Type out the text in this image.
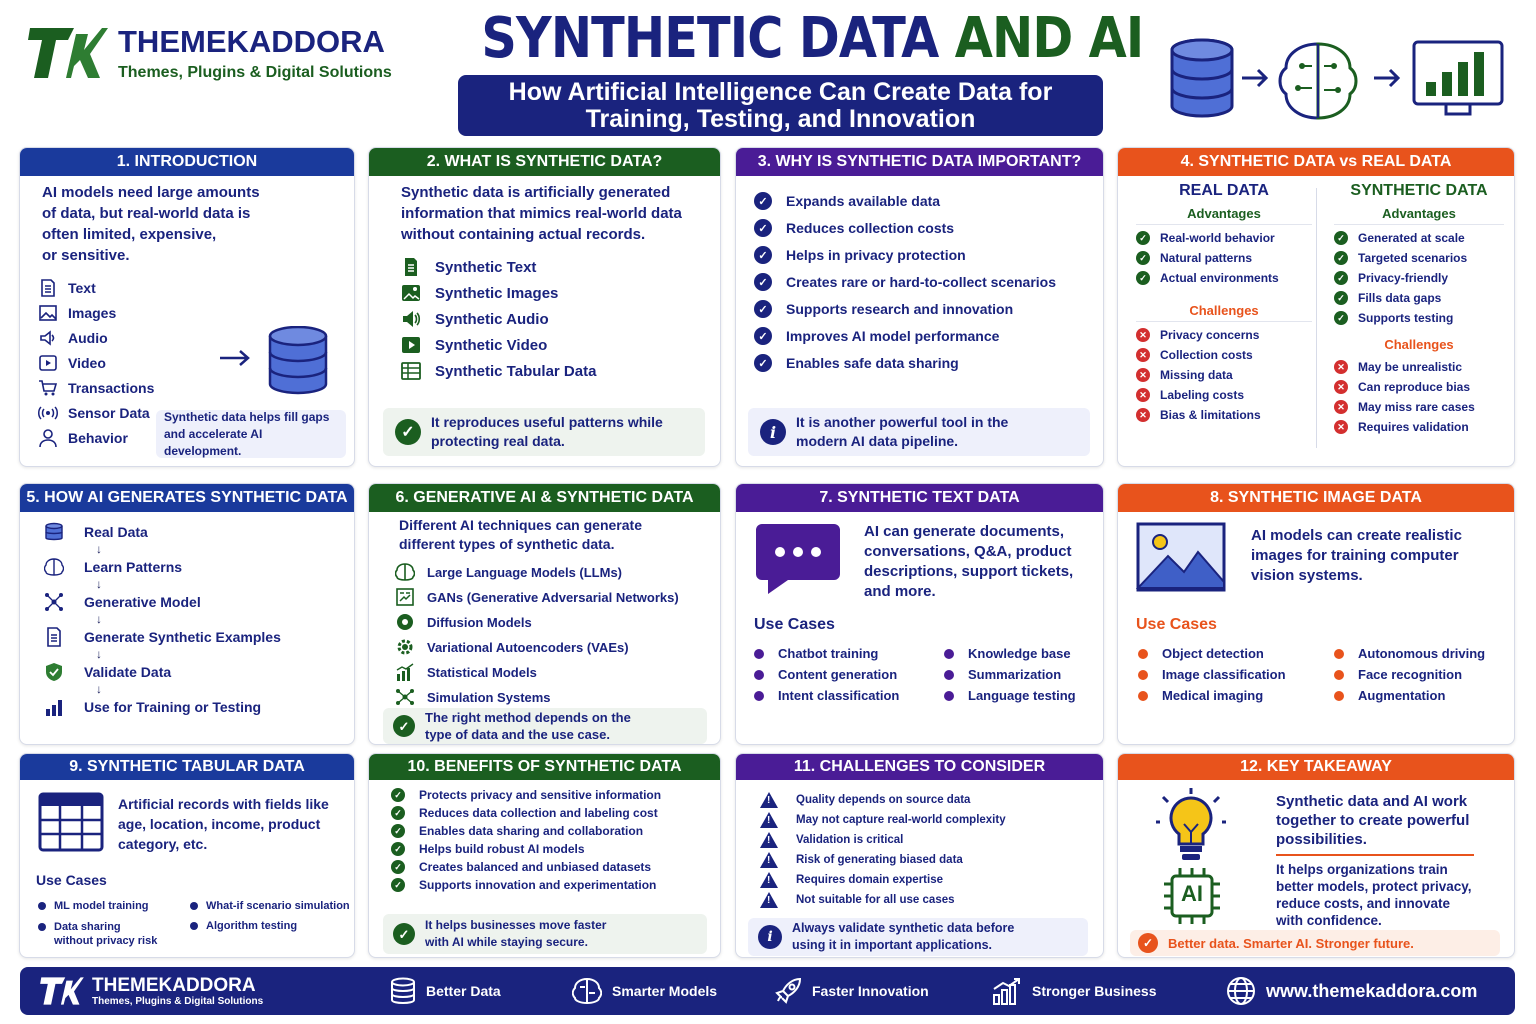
THEMEKADDORA
Themes, Plugins & Digital Solutions
SYNTHETIC DATA AND AI
How Artificial Intelligence Can Create Data for
Training, Testing, and Innovation
1. INTRODUCTION
AI models need large amounts
of data, but real-world data is
often limited, expensive,
or sensitive.
Text
Images
Audio
Video
Transactions
Sensor Data
Behavior
Synthetic data helps fill gaps
and accelerate AI development.
2. WHAT IS SYNTHETIC DATA?
Synthetic data is artificially generated
information that mimics real-world data
without containing actual records.
Synthetic Text
Synthetic Images
Synthetic Audio
Synthetic Video
Synthetic Tabular Data
✓
It reproduces useful patterns while
protecting real data.
3. WHY IS SYNTHETIC DATA IMPORTANT?
✓	Expands available data
✓	Reduces collection costs
✓	Helps in privacy protection
✓	Creates rare or hard-to-collect scenarios
✓	Supports research and innovation
✓	Improves AI model performance
✓	Enables safe data sharing
i
It is another powerful tool in the
modern AI data pipeline.
4. SYNTHETIC DATA vs REAL DATA
REAL DATA
Advantages
✓ Real-world behavior
✓ Natural patterns
✓ Actual environments
Challenges
✕ Privacy concerns
✕ Collection costs
✕ Missing data
✕ Labeling costs
✕ Bias & limitations
SYNTHETIC DATA
Advantages
✓ Generated at scale
✓ Targeted scenarios
✓ Privacy-friendly
✓ Fills data gaps
✓ Supports testing
Challenges
✕ May be unrealistic
✕ Can reproduce bias
✕ May miss rare cases
✕ Requires validation
5. HOW AI GENERATES SYNTHETIC DATA
Real Data
↓
Learn Patterns
↓
Generative Model
↓
Generate Synthetic Examples
↓
Validate Data
↓
Use for Training or Testing
6. GENERATIVE AI & SYNTHETIC DATA
Different AI techniques can generate
different types of synthetic data.
Large Language Models (LLMs)
GANs (Generative Adversarial Networks)
Diffusion Models
Variational Autoencoders (VAEs)
Statistical Models
Simulation Systems
✓
The right method depends on the
type of data and the use case.
7. SYNTHETIC TEXT DATA
AI can generate documents,
conversations, Q&A, product
descriptions, support tickets,
and more.
Use Cases
Chatbot training
Content generation
Intent classification
Knowledge base
Summarization
Language testing
8. SYNTHETIC IMAGE DATA
AI models can create realistic
images for training computer
vision systems.
Use Cases
Object detection
Image classification
Medical imaging
Autonomous driving
Face recognition
Augmentation
9. SYNTHETIC TABULAR DATA
Artificial records with fields like
age, location, income, product
category, etc.
Use Cases
ML model training
Data sharing
without privacy risk
What-if scenario simulation
Algorithm testing
10. BENEFITS OF SYNTHETIC DATA
✓ Protects privacy and sensitive information
✓ Reduces data collection and labeling cost
✓ Enables data sharing and collaboration
✓ Helps build robust AI models
✓ Creates balanced and unbiased datasets
✓ Supports innovation and experimentation
✓
It helps businesses move faster
with AI while staying secure.
11. CHALLENGES TO CONSIDER
!
Quality depends on source data
!
May not capture real-world complexity
!
Validation is critical
!
Risk of generating biased data
!
Requires domain expertise
!
Not suitable for all use cases
i
Always validate synthetic data before
using it in important applications.
12. KEY TAKEAWAY
AI
Synthetic data and AI work
together to create powerful
possibilities.
It helps organizations train
better models, protect privacy,
reduce costs, and innovate
with confidence.
✓	Better data. Smarter AI. Stronger future.
THEMEKADDORA
Themes, Plugins & Digital Solutions
Better Data	Smarter Models	Faster Innovation	Stronger Business	www.themekaddora.com
